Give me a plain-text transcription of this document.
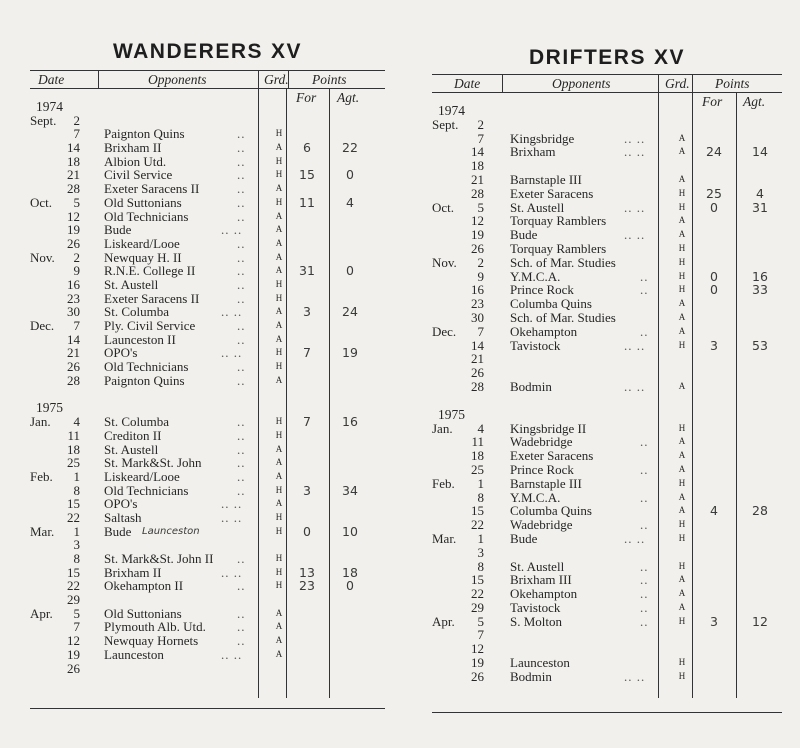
WANDERERS XV
Date	Opponents	Grd. Points
For Agt.
1974
Sept.	2
7 Paignton Quins	..	H
14 Brixham II	..	A	6	22
18 Albion Utd.	..	H
21 Civil Service	..	H	15	0
28 Exeter Saracens II	..	A
Oct.	5 Old Suttonians	..	H	11	4
12 Old Technicians	..	A
19 Bude	.. ..	A
26 Liskeard/Looe	..	A
Nov.	2 Newquay H. II	..	A
9 R.N.E. College II	..	A	31	0
16 St. Austell	..	H
23 Exeter Saracens II	..	H
30 St. Columba	.. ..	A	3	24
Dec.	7 Ply. Civil Service	..	A
14 Launceston II	..	A
21 OPO's	.. ..	H	7	19
26 Old Technicians	..	H
28 Paignton Quins	..	A
1975
Jan.	4 St. Columba	..	H	7	16
11 Crediton II	..	H
18 St. Austell	..	A
25 St. Mark&St. John	..	A
Feb.	1 Liskeard/Looe	..	A
8 Old Technicians	..	H	3	34
15 OPO's	.. ..	A
22 Saltash	.. ..	H
Mar.	1 Bude Launceston	H	0	10
3
8 St. Mark&St. John II ..	H
15 Brixham II	.. ..	H	13	18
22 Okehampton II	..	H	23	0
29
Apr.	5 Old Suttonians	..	A
7 Plymouth Alb. Utd. ..	A
12 Newquay Hornets	..	A
19 Launceston	.. ..	A
26
DRIFTERS XV
Date	Opponents	Grd. Points
For Agt.
1974
Sept.	2
7 Kingsbridge	.. ..	A
14 Brixham	.. ..	A	24	14
18
21 Barnstaple III	A
28 Exeter Saracens	H	25	4
Oct.	5 St. Austell	.. ..	H	0	31
12 Torquay Ramblers	A
19 Bude	.. ..	A
26 Torquay Ramblers	H
Nov.	2 Sch. of Mar. Studies	H
9 Y.M.C.A.	..	H	0	16
16 Prince Rock	..	H	0	33
23 Columba Quins	A
30 Sch. of Mar. Studies	A
Dec.	7 Okehampton	..	A
14 Tavistock	.. ..	H	3	53
21
26
28 Bodmin	.. ..	A
1975
Jan.	4 Kingsbridge II	H
11 Wadebridge	..	A
18 Exeter Saracens	A
25 Prince Rock	..	A
Feb.	1 Barnstaple III	H
8 Y.M.C.A.	..	A
15 Columba Quins	A	4	28
22 Wadebridge	..	H
Mar.	1 Bude	.. ..	H
3
8 St. Austell	..	H
15 Brixham III	..	A
22 Okehampton	..	A
29 Tavistock	..	A
Apr.	5 S. Molton	..	H	3	12
7
12
19 Launceston	H
26 Bodmin	.. ..	H
